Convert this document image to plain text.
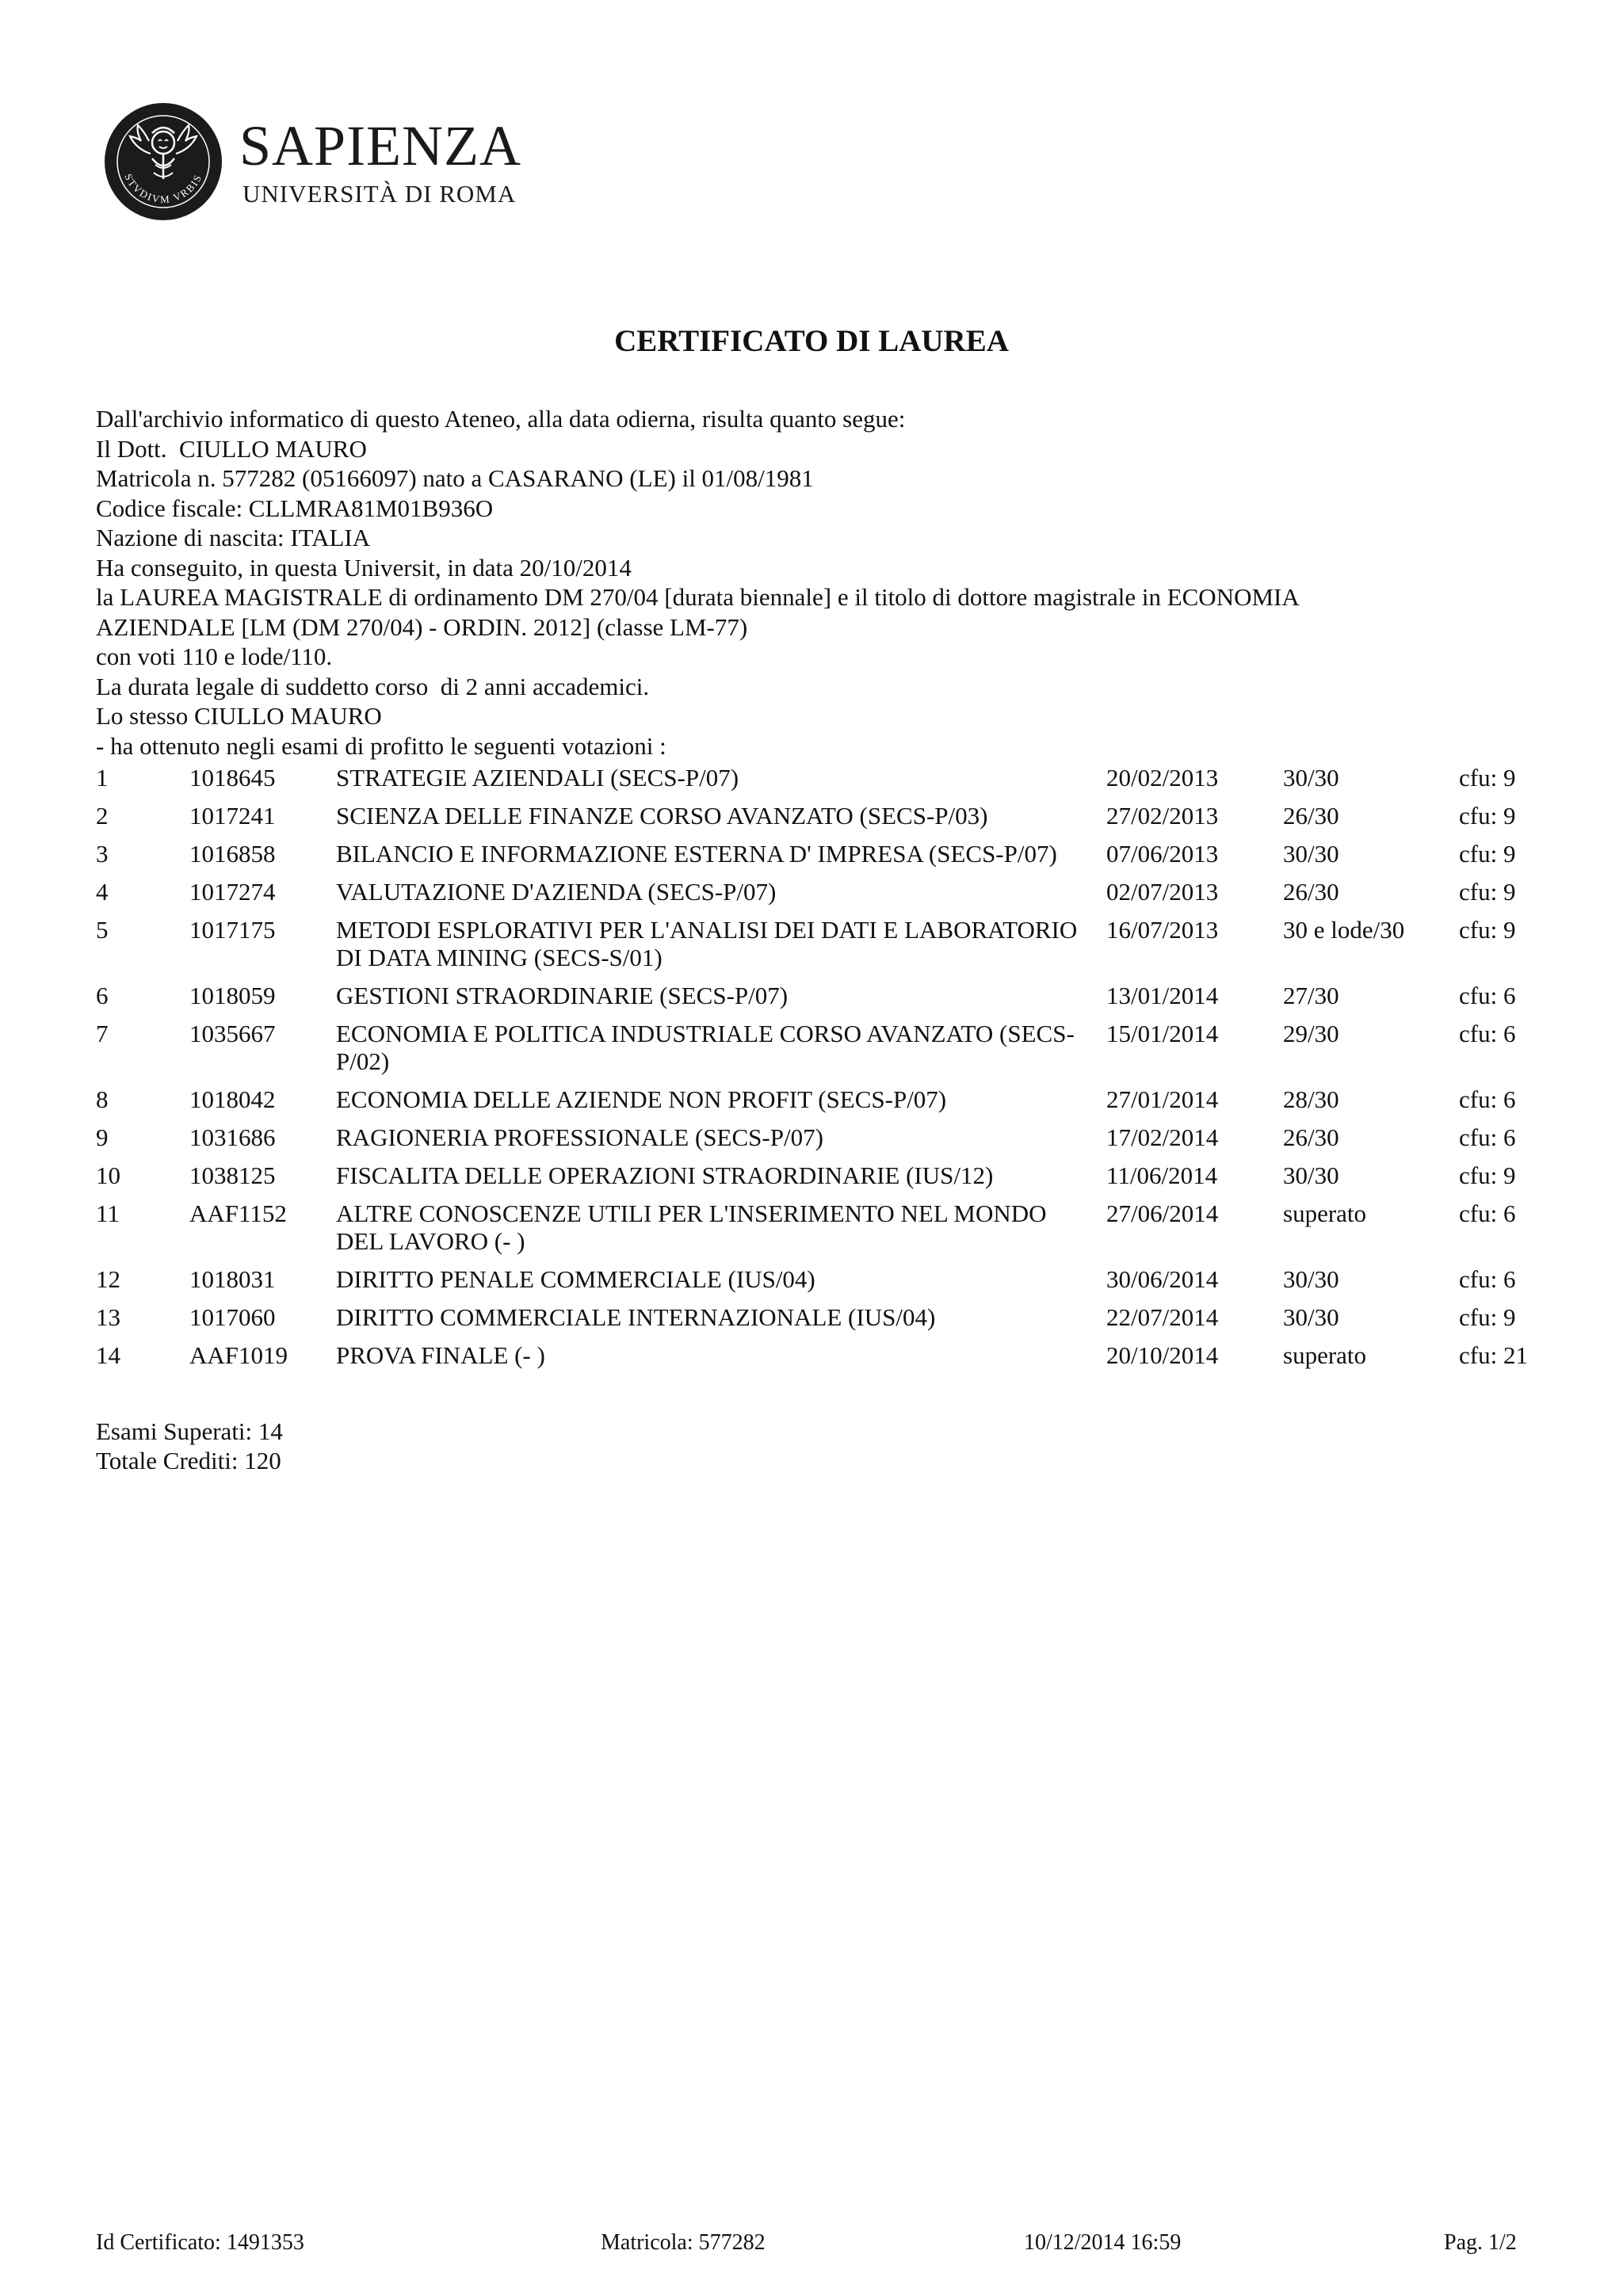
STVDIVM VRBIS
SAPIENZA
UNIVERSITÀ DI ROMA
CERTIFICATO DI LAUREA
Dall'archivio informatico di questo Ateneo, alla data odierna, risulta quanto segue:
Il Dott.  CIULLO MAURO
Matricola n. 577282 (05166097) nato a CASARANO (LE) il 01/08/1981
Codice fiscale: CLLMRA81M01B936O
Nazione di nascita: ITALIA
Ha conseguito, in questa Universit, in data 20/10/2014
la LAUREA MAGISTRALE di ordinamento DM 270/04 [durata biennale] e il titolo di dottore magistrale in ECONOMIA
AZIENDALE [LM (DM 270/04) - ORDIN. 2012] (classe LM-77)
con voti 110 e lode/110.
La durata legale di suddetto corso  di 2 anni accademici.
Lo stesso CIULLO MAURO
- ha ottenuto negli esami di profitto le seguenti votazioni :
1	1018645	STRATEGIE AZIENDALI (SECS-P/07)	20/02/2013	30/30	cfu: 9
2	1017241	SCIENZA DELLE FINANZE CORSO AVANZATO (SECS-P/03)	27/02/2013	26/30	cfu: 9
3	1016858	BILANCIO E INFORMAZIONE ESTERNA D' IMPRESA (SECS-P/07)	07/06/2013	30/30	cfu: 9
4	1017274	VALUTAZIONE D'AZIENDA (SECS-P/07)	02/07/2013	26/30	cfu: 9
5	1017175	METODI ESPLORATIVI PER L'ANALISI DEI DATI E LABORATORIO DI DATA MINING (SECS-S/01)	16/07/2013	30 e lode/30	cfu: 9
6	1018059	GESTIONI STRAORDINARIE (SECS-P/07)	13/01/2014	27/30	cfu: 6
7	1035667	ECONOMIA E POLITICA INDUSTRIALE CORSO AVANZATO (SECS-P/02)	15/01/2014	29/30	cfu: 6
8	1018042	ECONOMIA DELLE AZIENDE NON PROFIT (SECS-P/07)	27/01/2014	28/30	cfu: 6
9	1031686	RAGIONERIA PROFESSIONALE (SECS-P/07)	17/02/2014	26/30	cfu: 6
10	1038125	FISCALITA DELLE OPERAZIONI STRAORDINARIE (IUS/12)	11/06/2014	30/30	cfu: 9
11	AAF1152	ALTRE CONOSCENZE UTILI PER L'INSERIMENTO NEL MONDO DEL LAVORO (- )	27/06/2014	superato	cfu: 6
12	1018031	DIRITTO PENALE COMMERCIALE (IUS/04)	30/06/2014	30/30	cfu: 6
13	1017060	DIRITTO COMMERCIALE INTERNAZIONALE (IUS/04)	22/07/2014	30/30	cfu: 9
14	AAF1019	PROVA FINALE (- )	20/10/2014	superato	cfu: 21
Esami Superati: 14
Totale Crediti: 120
Id Certificato: 1491353	Matricola: 577282	10/12/2014 16:59	Pag. 1/2
